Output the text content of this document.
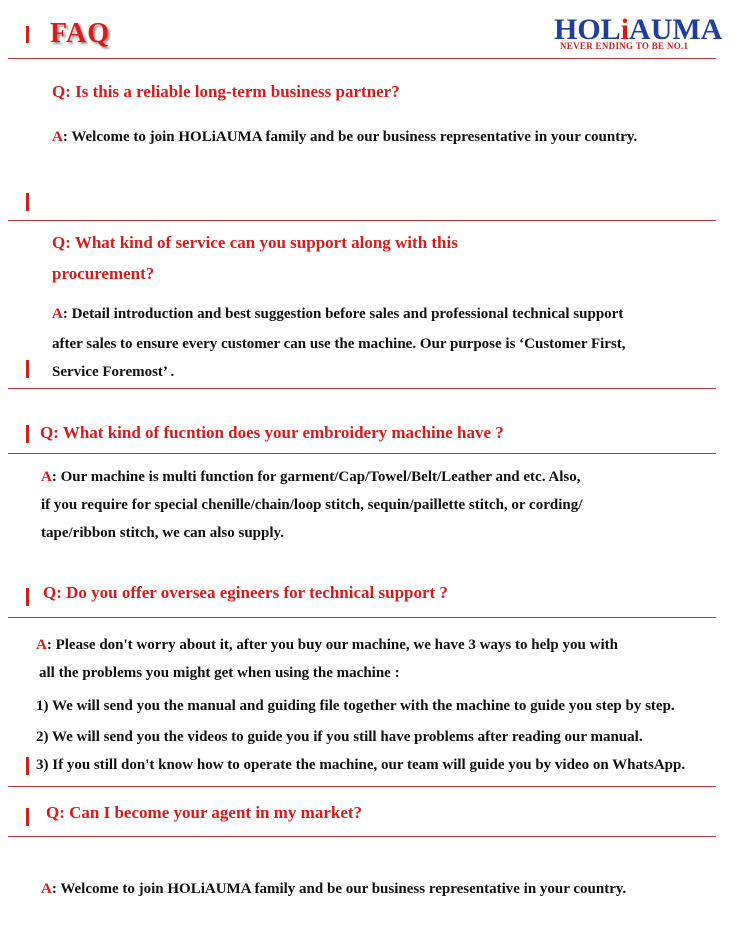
FAQ	HOLiAUMA
NEVER ENDING TO BE NO.1
Q: Is this a reliable long-term business partner?
A: Welcome to join HOLiAUMA family and be our business representative in your country.
Q: What kind of service can you support along with this
procurement?
A: Detail introduction and best suggestion before sales and professional technical support
after sales to ensure every customer can use the machine. Our purpose is ‘Customer First,
Service Foremost’ .
Q: What kind of fucntion does your embroidery machine have ?
A: Our machine is multi function for garment/Cap/Towel/Belt/Leather and etc. Also,
if you require for special chenille/chain/loop stitch, sequin/paillette stitch, or cording/
tape/ribbon stitch, we can also supply.
Q: Do you offer oversea egineers for technical support ?
A: Please don't worry about it, after you buy our machine, we have 3 ways to help you with
all the problems you might get when using the machine :
1) We will send you the manual and guiding file together with the machine to guide you step by step.
2) We will send you the videos to guide you if you still have problems after reading our manual.
3) If you still don't know how to operate the machine, our team will guide you by video on WhatsApp.
Q: Can I become your agent in my market?
A: Welcome to join HOLiAUMA family and be our business representative in your country.
